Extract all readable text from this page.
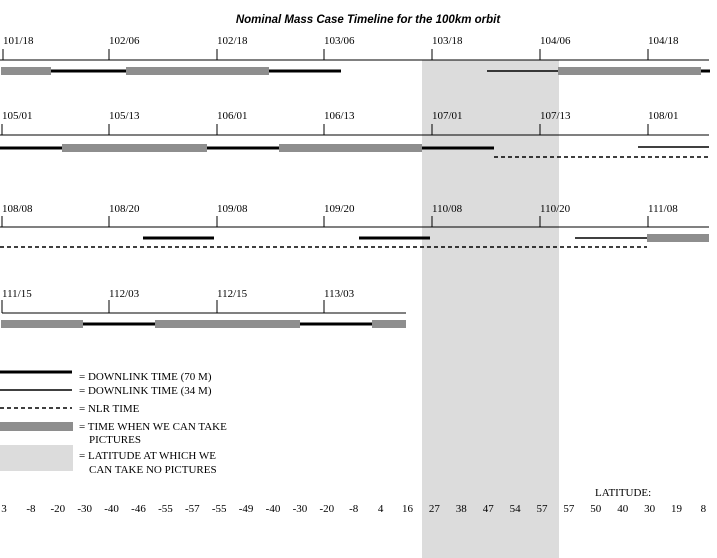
Nominal Mass Case Timeline for the 100km orbit
101/18	102/06	102/18	103/06	103/18	104/06	104/18
105/01	105/13	106/01	106/13	107/01	107/13	108/01
108/08	108/20	109/08	109/20	110/08	110/20	111/08
111/15	112/03	112/15	113/03
= DOWNLINK TIME (70 M)
= DOWNLINK TIME (34 M)
= NLR TIME
= TIME WHEN WE CAN TAKE
PICTURES
= LATITUDE AT WHICH WE
CAN TAKE NO PICTURES
LATITUDE:
3 -8 -20 -30 -40 -46 -55 -57 -55 -49 -40 -30 -20 -8 4 16 27 38 47 54 57 57 50 40 30 19 8
